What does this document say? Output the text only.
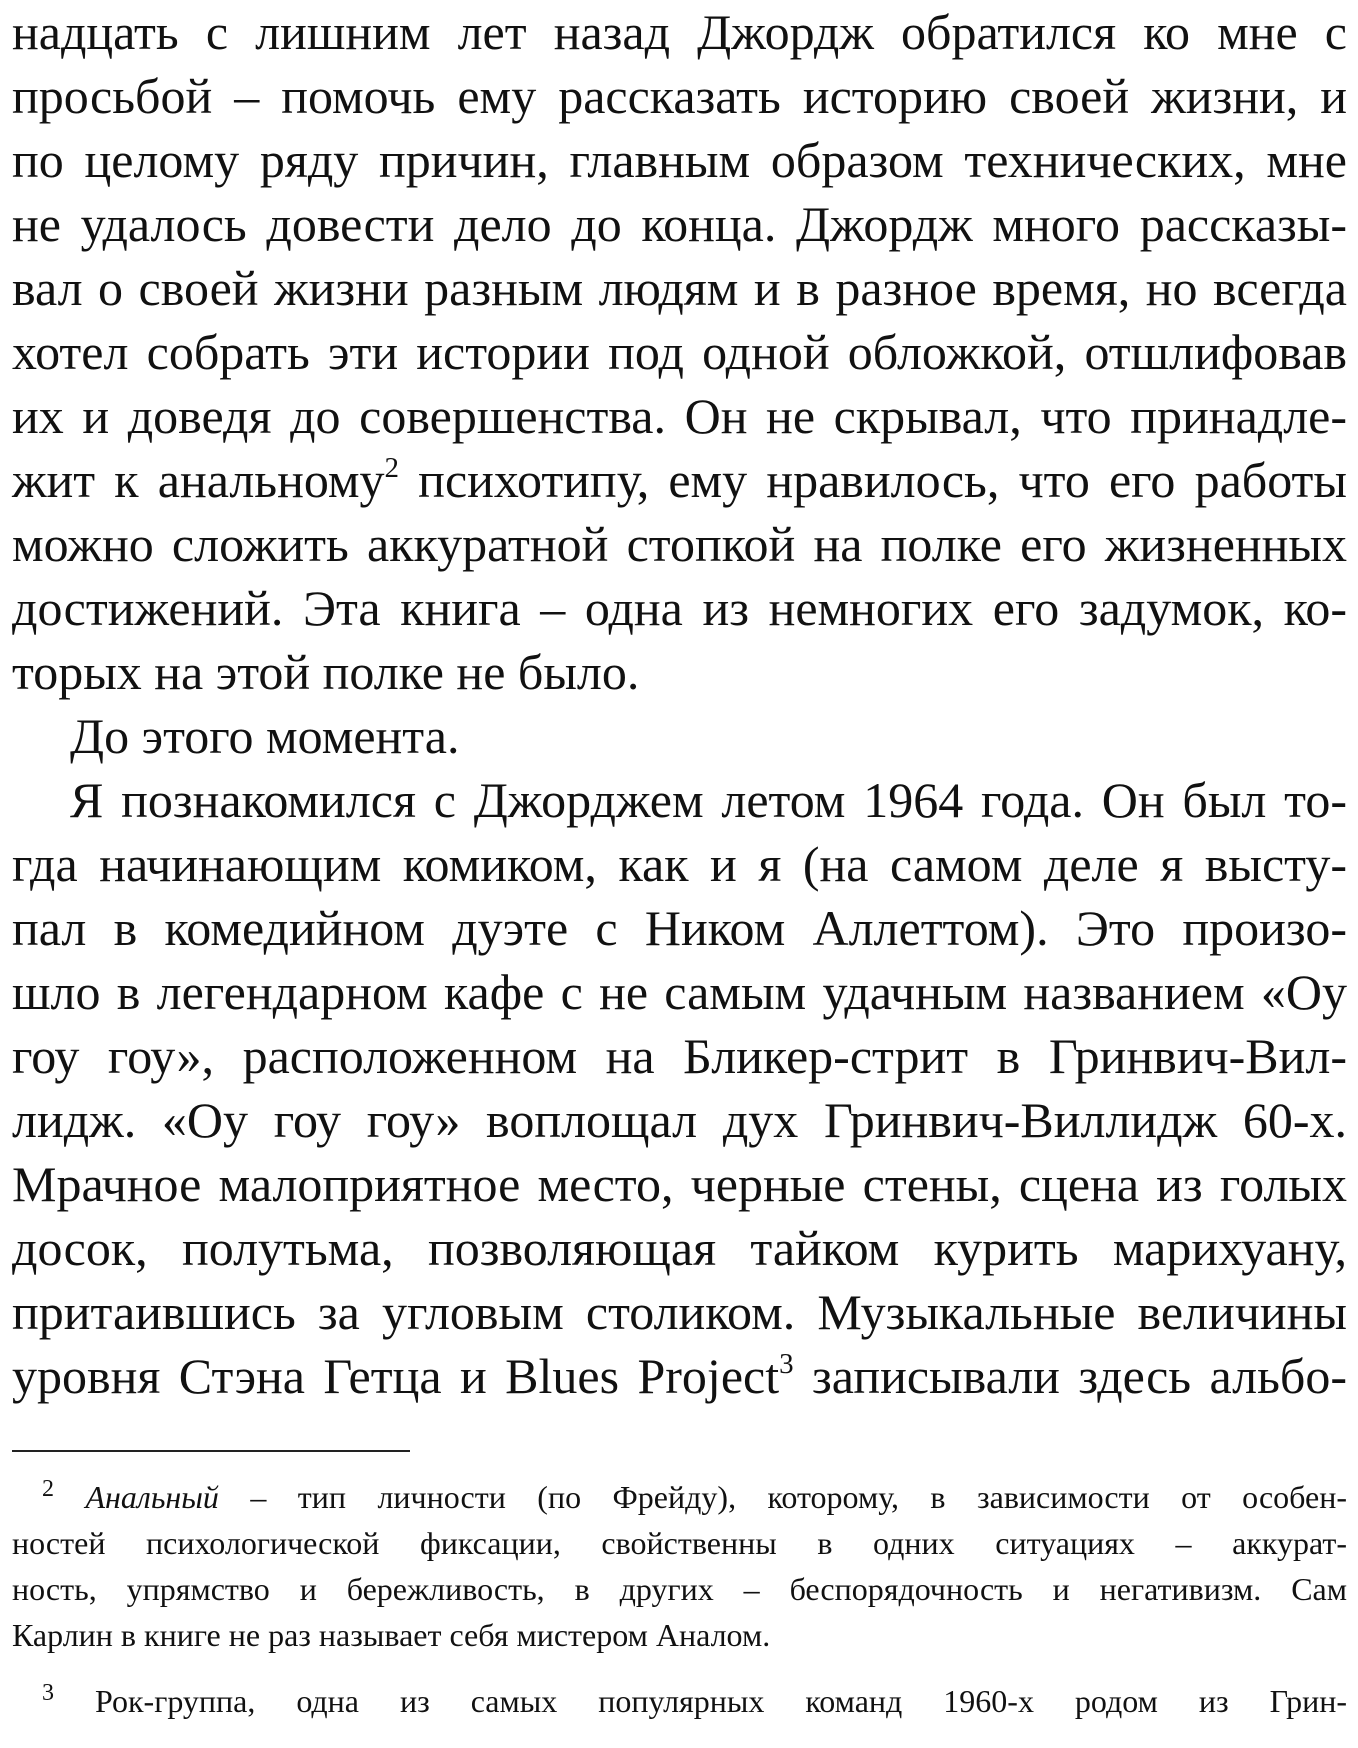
надцать с лишним лет назад Джордж обратился ко мне с
просьбой – помочь ему рассказать историю своей жизни, и
по целому ряду причин, главным образом технических, мне
не удалось довести дело до конца. Джордж много рассказы-
вал о своей жизни разным людям и в разное время, но всегда
хотел собрать эти истории под одной обложкой, отшлифовав
их и доведя до совершенства. Он не скрывал, что принадле-
жит к анальному$^2$ психотипу, ему нравилось, что его работы
можно сложить аккуратной стопкой на полке его жизненных
достижений. Эта книга – одна из немногих его задумок, ко-
торых на этой полке не было.
До этого момента.
Я познакомился с Джорджем летом 1964 года. Он был то-
гда начинающим комиком, как и я (на самом деле я высту-
пал в комедийном дуэте с Ником Аллеттом). Это произо-
шло в легендарном кафе с не самым удачным названием «Оу
гоу гоу», расположенном на Бликер-стрит в Гринвич-Вил-
лидж. «Оу гоу гоу» воплощал дух Гринвич-Виллидж 60-х.
Мрачное малоприятное место, черные стены, сцена из голых
досок, полутьма, позволяющая тайком курить марихуану,
притаившись за угловым столиком. Музыкальные величины
уровня Стэна Гетца и Blues Project$^3$ записывали здесь альбо-
$^2$ Анальный – тип личности (по Фрейду), которому, в зависимости от особен-
ностей психологической фиксации, свойственны в одних ситуациях – аккурат-
ность, упрямство и бережливость, в других – беспорядочность и негативизм. Сам
Карлин в книге не раз называет себя мистером Аналом.
$^3$ Рок-группа, одна из самых популярных команд 1960-х родом из Грин-
